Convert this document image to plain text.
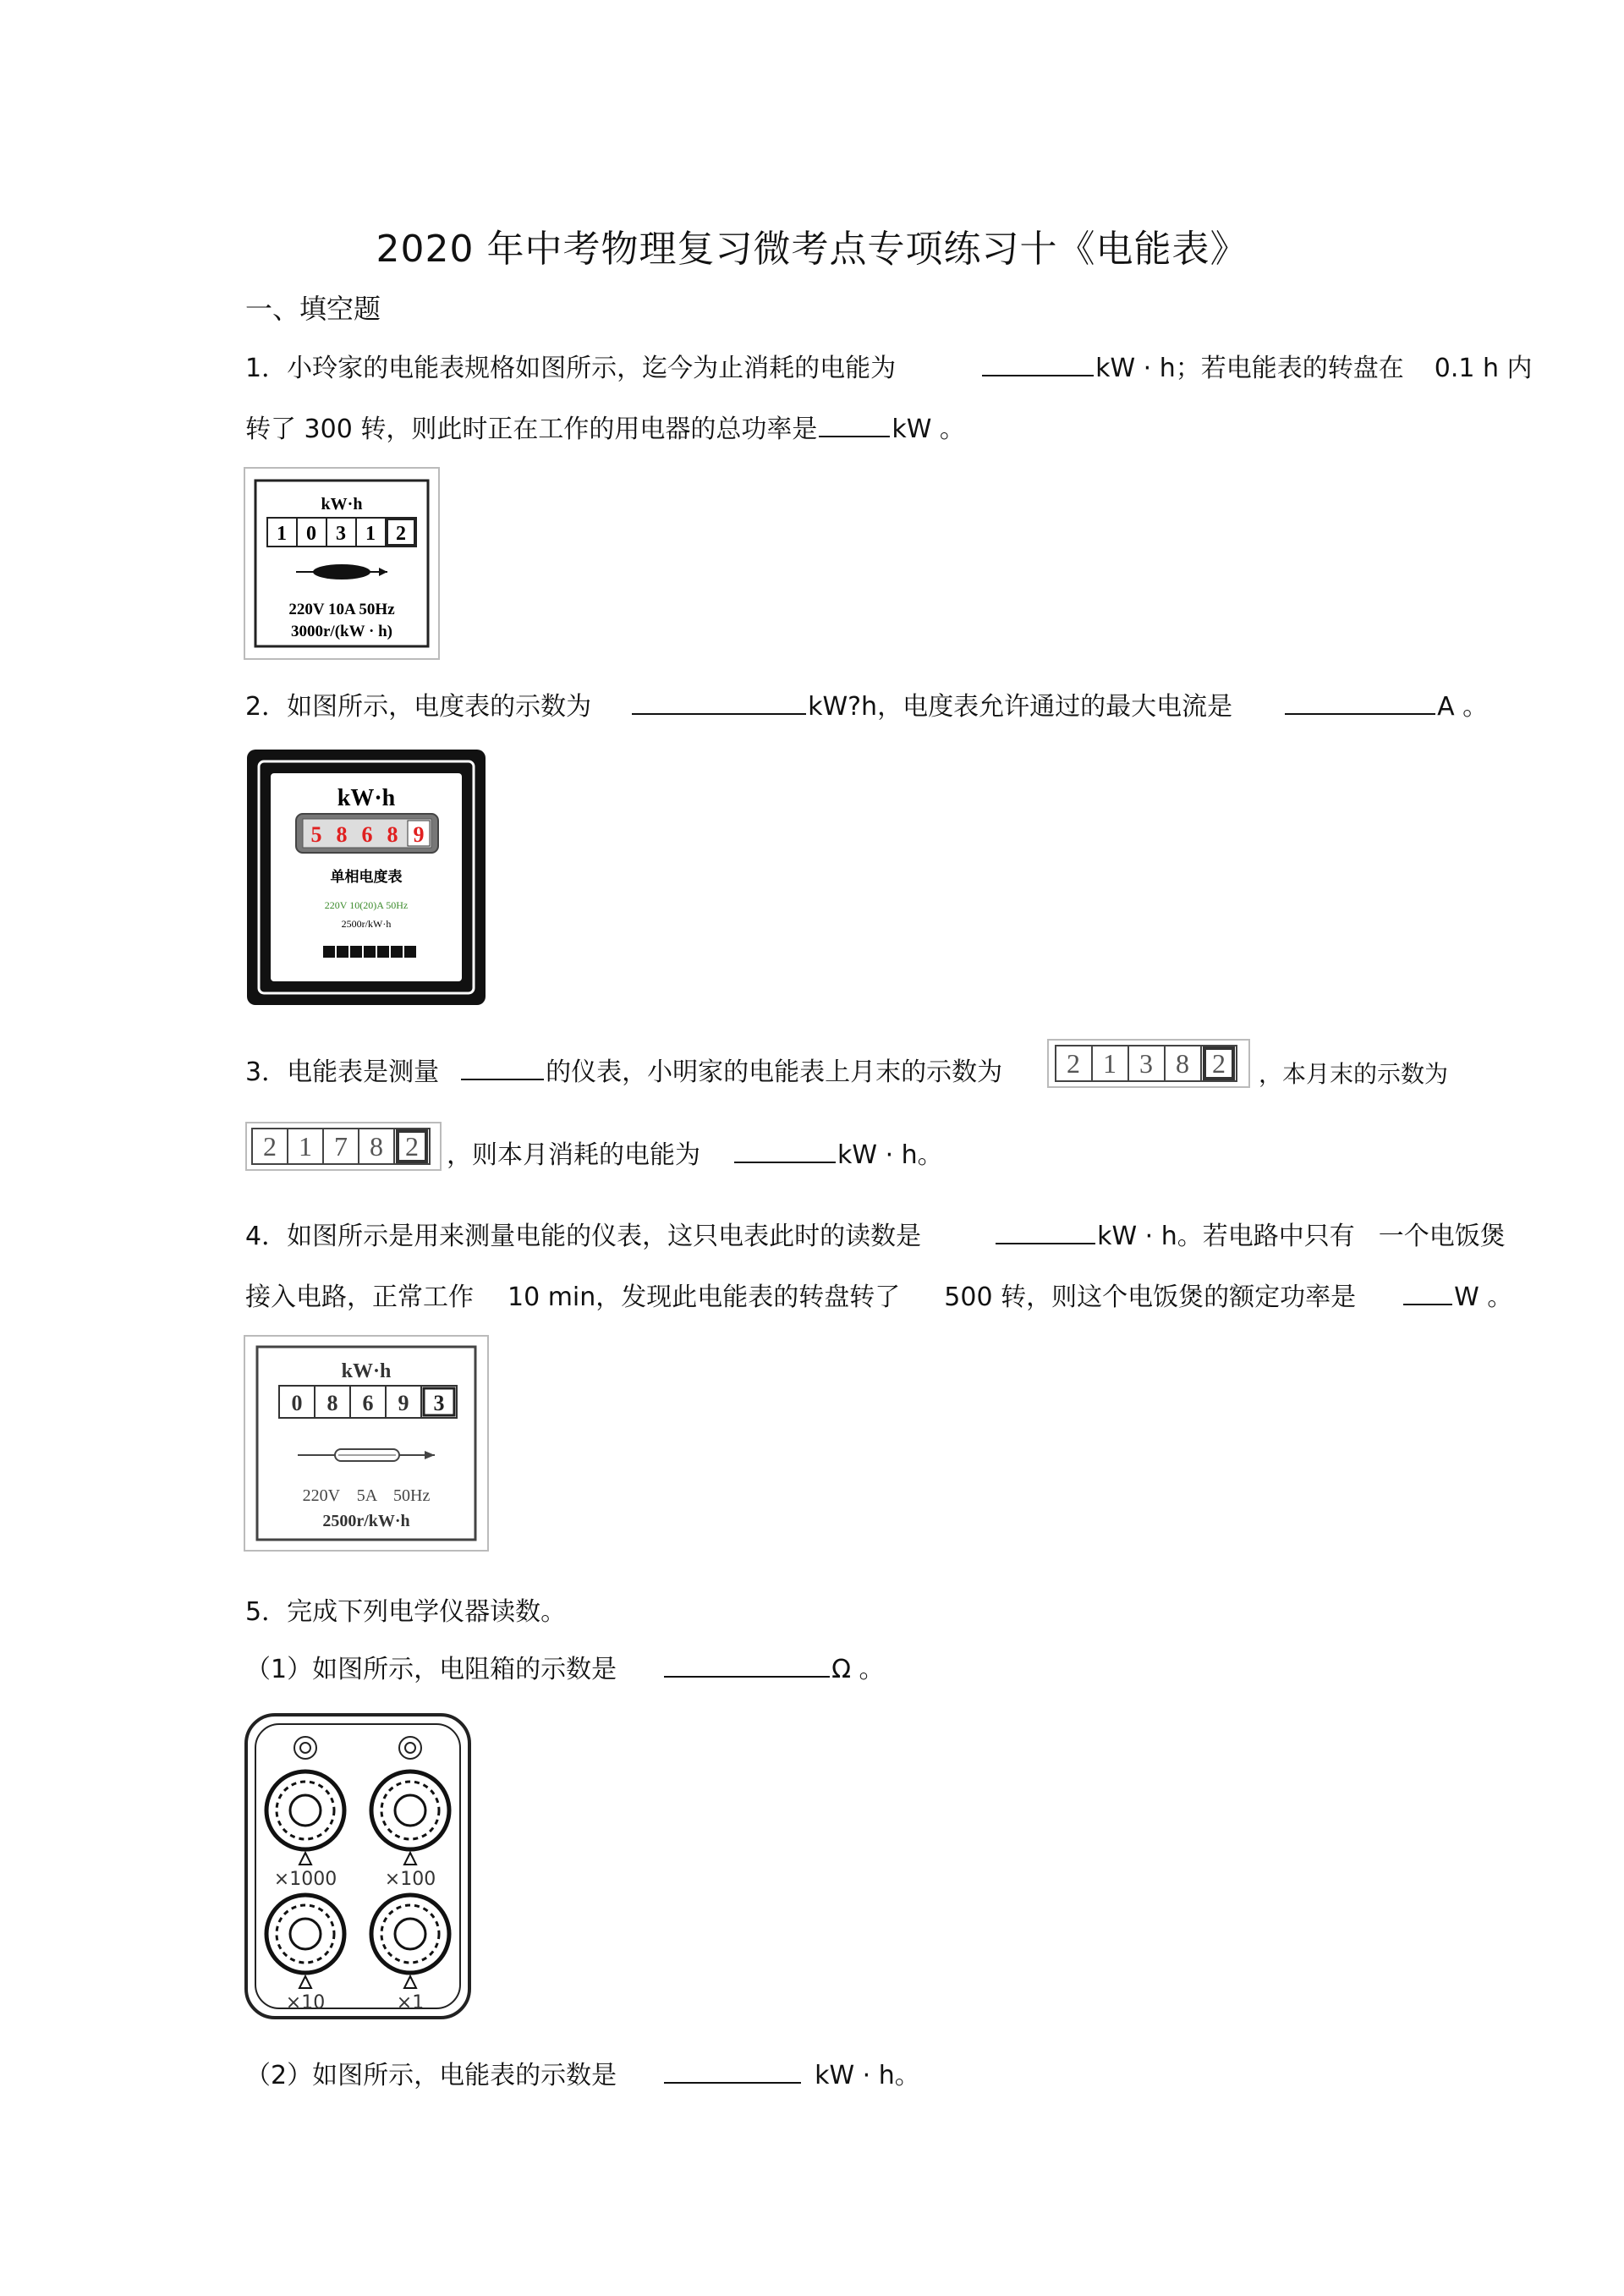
2020 年中考物理复习微考点专项练习十《电能表》
一、填空题
1．小玲家的电能表规格如图所示，迄今为止消耗的电能为	kW · h；若电能表的转盘在 0.1 h 内
转了 300 转，则此时正在工作的用电器的总功率是	kW 。
kW·h
1 0 3 1 2
220V 10A 50Hz
3000r/(kW · h)
2．如图所示，电度表的示数为	kW?h，电度表允许通过的最大电流是	A 。
kW·h
5 8 6 8 9
单相电度表
220V 10(20)A 50Hz
2500r/kW·h
3．电能表是测量	的仪表，小明家的电能表上月末的示数为 2 1 3 8 2 ，本月末的示数为
2 1 7 8 2 ，则本月消耗的电能为	kW · h。
4．如图所示是用来测量电能的仪表，这只电表此时的读数是	kW · h。若电路中只有 一个电饭煲
接入电路，正常工作 10 min，发现此电能表的转盘转了 500 转，则这个电饭煲的额定功率是	W 。
kW·h
0 8 6 9 3
220V    5A    50Hz
2500r/kW·h
5．完成下列电学仪器读数。
（1）如图所示，电阻箱的示数是	Ω 。
×1000	×100
×10	×1
（2）如图所示，电能表的示数是	kW · h。
